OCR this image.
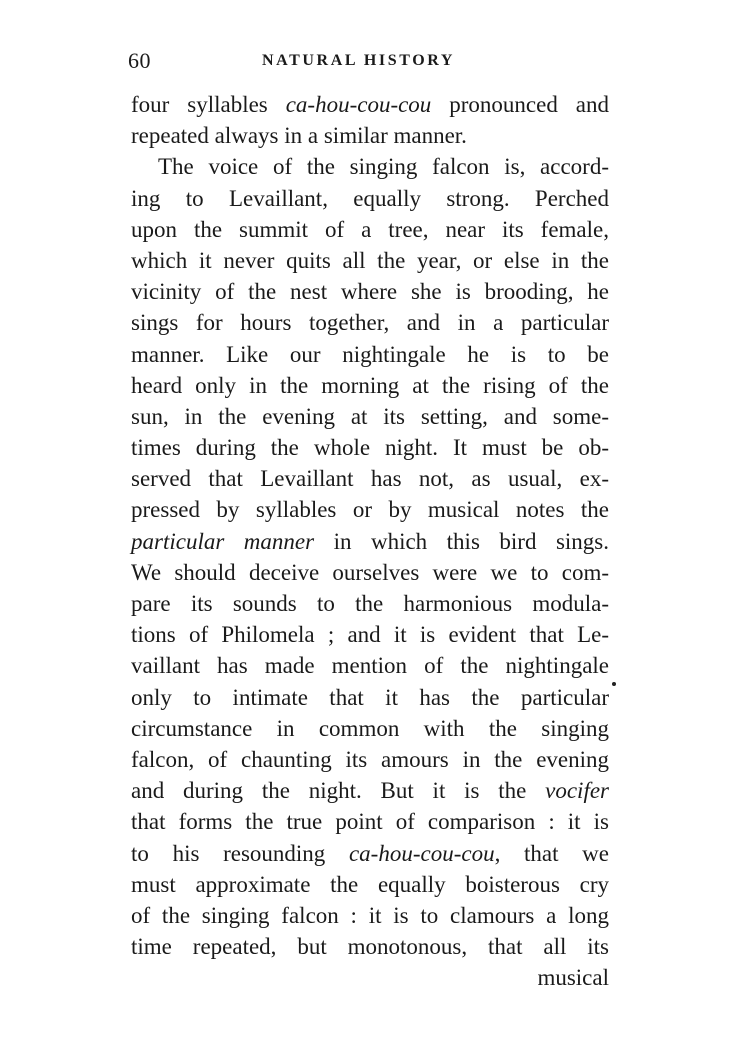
60	NATURAL HISTORY
four syllables ca-hou-cou-cou pronounced and
repeated always in a similar manner.
The voice of the singing falcon is, accord-
ing to Levaillant, equally strong. Perched
upon the summit of a tree, near its female,
which it never quits all the year, or else in the
vicinity of the nest where she is brooding, he
sings for hours together, and in a particular
manner. Like our nightingale he is to be
heard only in the morning at the rising of the
sun, in the evening at its setting, and some-
times during the whole night. It must be ob-
served that Levaillant has not, as usual, ex-
pressed by syllables or by musical notes the
particular manner in which this bird sings.
We should deceive ourselves were we to com-
pare its sounds to the harmonious modula-
tions of Philomela ; and it is evident that Le-
vaillant has made mention of the nightingale
only to intimate that it has the particular
circumstance in common with the singing
falcon, of chaunting its amours in the evening
and during the night. But it is the vocifer
that forms the true point of comparison : it is
to his resounding ca-hou-cou-cou, that we
must approximate the equally boisterous cry
of the singing falcon : it is to clamours a long
time repeated, but monotonous, that all its
musical
